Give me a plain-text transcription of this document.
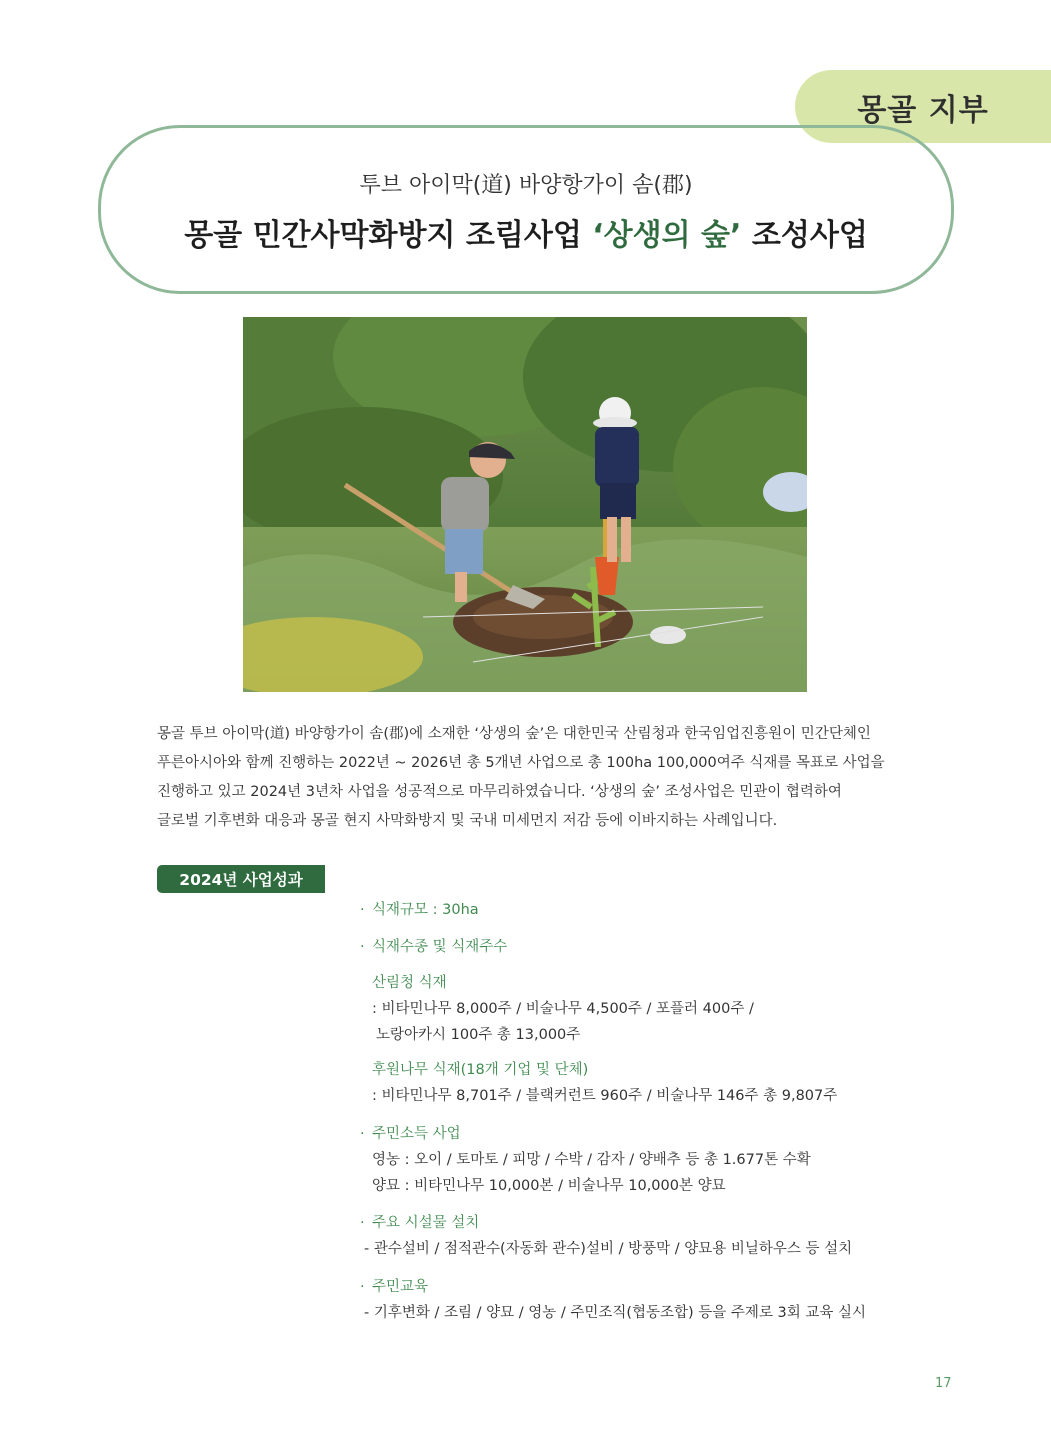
몽골 지부
투브 아이막(道) 바양항가이 솜(郡)
몽골 민간사막화방지 조림사업 ‘상생의 숲’ 조성사업
몽골 투브 아이막(道) 바양항가이 솜(郡)에 소재한 ‘상생의 숲’은 대한민국 산림청과 한국임업진흥원이 민간단체인
푸른아시아와 함께 진행하는 2022년 ~ 2026년 총 5개년 사업으로 총 100ha 100,000여주 식재를 목표로 사업을
진행하고 있고 2024년 3년차 사업을 성공적으로 마무리하였습니다. ‘상생의 숲’ 조성사업은 민관이 협력하여
글로벌 기후변화 대응과 몽골 현지 사막화방지 및 국내 미세먼지 저감 등에 이바지하는 사례입니다.
2024년 사업성과
· 식재규모 : 30ha
· 식재수종 및 식재주수
산림청 식재
: 비타민나무 8,000주 / 비술나무 4,500주 / 포플러 400주 /
노랑아카시 100주 총 13,000주
후원나무 식재(18개 기업 및 단체)
: 비타민나무 8,701주 / 블랙커런트 960주 / 비술나무 146주 총 9,807주
· 주민소득 사업
영농 : 오이 / 토마토 / 피망 / 수박 / 감자 / 양배추 등 총 1.677톤 수확
양묘 : 비타민나무 10,000본 / 비술나무 10,000본 양묘
· 주요 시설물 설치
- 관수설비 / 점적관수(자동화 관수)설비 / 방풍막 / 양묘용 비닐하우스 등 설치
· 주민교육
- 기후변화 / 조림 / 양묘 / 영농 / 주민조직(협동조합) 등을 주제로 3회 교육 실시
17
